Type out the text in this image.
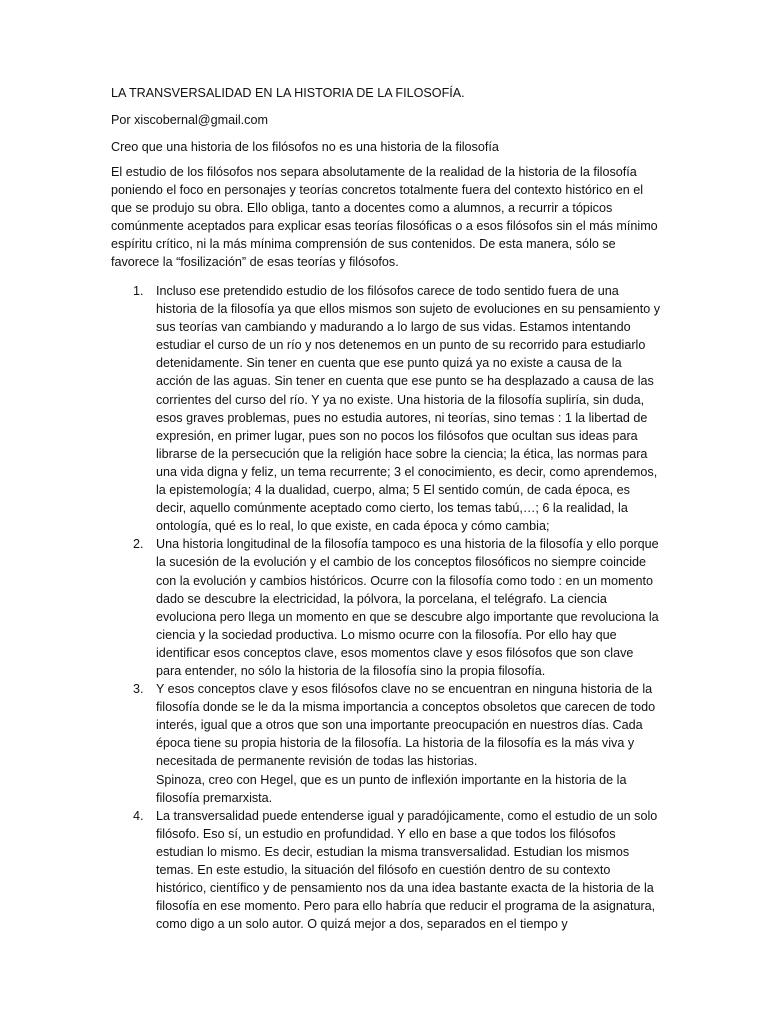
LA TRANSVERSALIDAD EN LA HISTORIA DE LA FILOSOFÍA.

Por xiscobernal@gmail.com

Creo que una historia de los filósofos no es una historia de la filosofía

El estudio de los filósofos nos separa absolutamente de la realidad de la historia de la filosofía poniendo el foco en personajes y teorías concretos totalmente fuera del contexto histórico en el que se produjo su obra. Ello obliga, tanto a docentes como a alumnos, a recurrir a tópicos comúnmente aceptados para explicar esas teorías filosóficas o a esos filósofos sin el más mínimo espíritu crítico, ni la más mínima comprensión de sus contenidos. De esta manera, sólo se favorece la “fosilización” de esas teorías y filósofos.

1. Incluso ese pretendido estudio de los filósofos carece de todo sentido fuera de una historia de la filosofía ya que ellos mismos son sujeto de evoluciones en su pensamiento y sus teorías van cambiando y madurando a lo largo de sus vidas. Estamos intentando estudiar el curso de un río y nos detenemos en un punto de su recorrido para estudiarlo detenidamente. Sin tener en cuenta que ese punto quizá ya no existe a causa de la acción de las aguas. Sin tener en cuenta que ese punto se ha desplazado a causa de las corrientes del curso del río. Y ya no existe. Una historia de la filosofía supliría, sin duda, esos graves problemas, pues no estudia autores, ni teorías, sino temas : 1 la libertad de expresión, en primer lugar, pues son no pocos los filósofos que ocultan sus ideas para librarse de la persecución que la religión hace sobre la ciencia; la ética, las normas para una vida digna y feliz, un tema recurrente; 3 el conocimiento, es decir, como aprendemos, la epistemología; 4 la dualidad, cuerpo, alma; 5 El sentido común, de cada época, es decir, aquello comúnmente aceptado como cierto, los temas tabú,…; 6 la realidad, la ontología, qué es lo real, lo que existe, en cada época y cómo cambia;
2. Una historia longitudinal de la filosofía tampoco es una historia de la filosofía y ello porque la sucesión de la evolución y el cambio de los conceptos filosóficos no siempre coincide con la evolución y cambios históricos. Ocurre con la filosofía como todo : en un momento dado se descubre la electricidad, la pólvora, la porcelana, el telégrafo. La ciencia evoluciona pero llega un momento en que se descubre algo importante que revoluciona la ciencia y la sociedad productiva. Lo mismo ocurre con la filosofía. Por ello hay que identificar esos conceptos clave, esos momentos clave y esos filósofos que son clave para entender, no sólo la historia de la filosofía sino la propia filosofía.
3. Y esos conceptos clave y esos filósofos clave no se encuentran en ninguna historia de la filosofía donde se le da la misma importancia a conceptos obsoletos que carecen de todo interés, igual que a otros que son una importante preocupación en nuestros días. Cada época tiene su propia historia de la filosofía. La historia de la filosofía es la más viva y necesitada de permanente revisión de todas las historias.
Spinoza, creo con Hegel, que es un punto de inflexión importante en la historia de la filosofía premarxista.
4. La transversalidad puede entenderse igual y paradójicamente, como el estudio de un solo filósofo. Eso sí, un estudio en profundidad. Y ello en base a que todos los filósofos estudian lo mismo. Es decir, estudian la misma transversalidad. Estudian los mismos temas. En este estudio, la situación del filósofo en cuestión dentro de su contexto histórico, científico y de pensamiento nos da una idea bastante exacta de la historia de la filosofía en ese momento. Pero para ello habría que reducir el programa de la asignatura, como digo a un solo autor. O quizá mejor a dos, separados en el tiempo y
